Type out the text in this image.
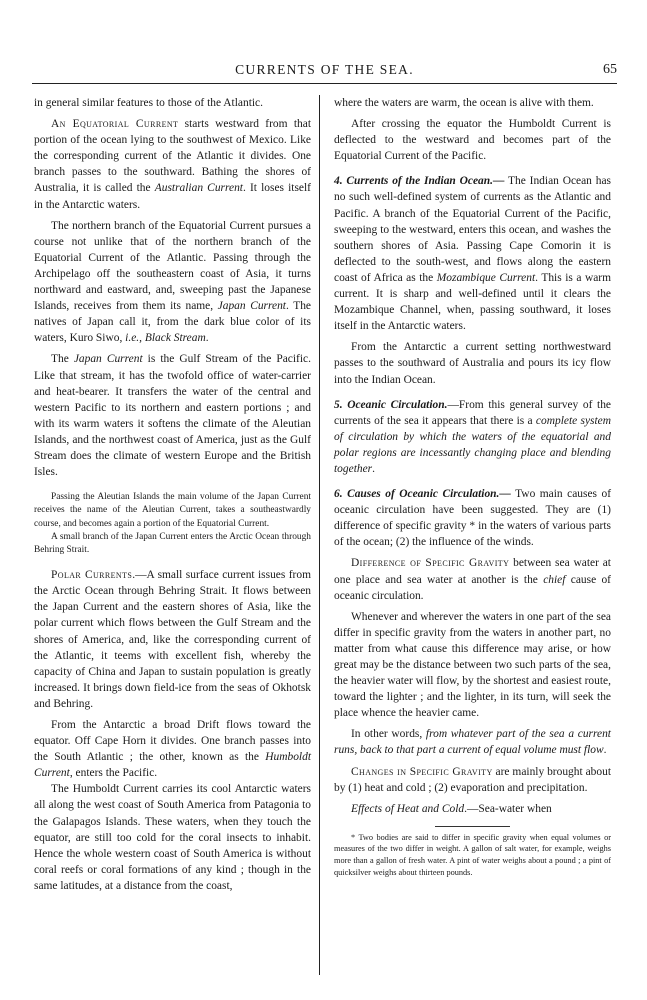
CURRENTS OF THE SEA.	65

in general similar features to those of the Atlantic.

An Equatorial Current starts westward from that portion of the ocean lying to the southwest of Mexico. Like the corresponding current of the Atlantic it divides. One branch passes to the southward. Bathing the shores of Australia, it is called the Australian Current. It loses itself in the Antarctic waters.

The northern branch of the Equatorial Current pursues a course not unlike that of the northern branch of the Equatorial Current of the Atlantic. Passing through the Archipelago off the southeastern coast of Asia, it turns northward and eastward, and, sweeping past the Japanese Islands, receives from them its name, Japan Current. The natives of Japan call it, from the dark blue color of its waters, Kuro Siwo, i.e., Black Stream.

The Japan Current is the Gulf Stream of the Pacific. Like that stream, it has the twofold office of water-carrier and heat-bearer. It transfers the water of the central and western Pacific to its northern and eastern portions ; and with its warm waters it softens the climate of the Aleutian Islands, and the northwest coast of America, just as the Gulf Stream does the climate of western Europe and the British Isles.

Passing the Aleutian Islands the main volume of the Japan Current receives the name of the Aleutian Current, takes a southeastwardly course, and becomes again a portion of the Equatorial Current.

A small branch of the Japan Current enters the Arctic Ocean through Behring Strait.

Polar Currents.—A small surface current issues from the Arctic Ocean through Behring Strait. It flows between the Japan Current and the eastern shores of Asia, like the polar current which flows between the Gulf Stream and the shores of America, and, like the corresponding current of the Atlantic, it teems with excellent fish, whereby the capacity of China and Japan to sustain population is greatly increased. It brings down field-ice from the seas of Okhotsk and Behring.

From the Antarctic a broad Drift flows toward the equator. Off Cape Horn it divides. One branch passes into the South Atlantic ; the other, known as the Humboldt Current, enters the Pacific.

The Humboldt Current carries its cool Antarctic waters all along the west coast of South America from Patagonia to the Galapagos Islands. These waters, when they touch the equator, are still too cold for the coral insects to inhabit. Hence the whole western coast of South America is without coral reefs or coral formations of any kind ; though in the same latitudes, at a distance from the coast,

where the waters are warm, the ocean is alive with them.

After crossing the equator the Humboldt Current is deflected to the westward and becomes part of the Equatorial Current of the Pacific.

4. Currents of the Indian Ocean.— The Indian Ocean has no such well-defined system of currents as the Atlantic and Pacific. A branch of the Equatorial Current of the Pacific, sweeping to the westward, enters this ocean, and washes the southern shores of Asia. Passing Cape Comorin it is deflected to the south-west, and flows along the eastern coast of Africa as the Mozambique Current. This is a warm current. It is sharp and well-defined until it clears the Mozambique Channel, when, passing southward, it loses itself in the Antarctic waters.

From the Antarctic a current setting northwestward passes to the southward of Australia and pours its icy flow into the Indian Ocean.

5. Oceanic Circulation.—From this general survey of the currents of the sea it appears that there is a complete system of circulation by which the waters of the equatorial and polar regions are incessantly changing place and blending together.

6. Causes of Oceanic Circulation.— Two main causes of oceanic circulation have been suggested. They are (1) difference of specific gravity * in the waters of various parts of the ocean; (2) the influence of the winds.

Difference of Specific Gravity between sea water at one place and sea water at another is the chief cause of oceanic circulation.

Whenever and wherever the waters in one part of the sea differ in specific gravity from the waters in another part, no matter from what cause this difference may arise, or how great may be the distance between two such parts of the sea, the heavier water will flow, by the shortest and easiest route, toward the lighter ; and the lighter, in its turn, will seek the place whence the heavier came.

In other words, from whatever part of the sea a current runs, back to that part a current of equal volume must flow.

Changes in Specific Gravity are mainly brought about by (1) heat and cold ; (2) evaporation and precipitation.

Effects of Heat and Cold.—Sea-water when

* Two bodies are said to differ in specific gravity when equal volumes or measures of the two differ in weight. A gallon of salt water, for example, weighs more than a gallon of fresh water. A pint of water weighs about a pound ; a pint of quicksilver weighs about thirteen pounds.
